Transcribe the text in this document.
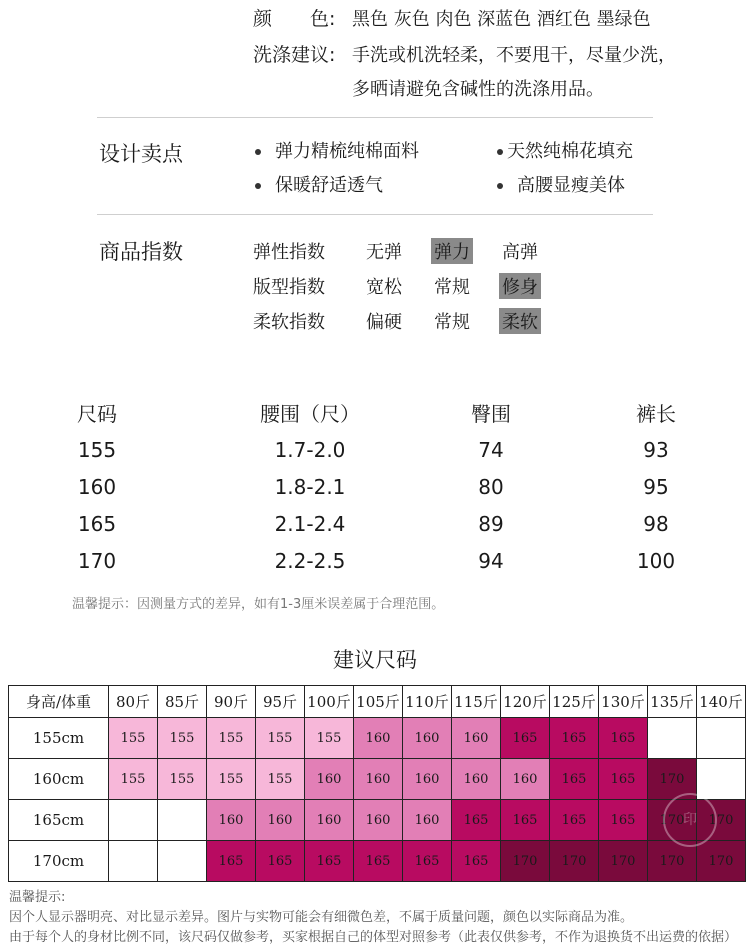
颜　　色: 黑色 灰色 肉色 深蓝色 酒红色 墨绿色
洗涤建议: 手洗或机洗轻柔，不要甩干，尽量少洗，
多晒请避免含碱性的洗涤用品。
设计卖点	弹力精梳纯棉面料	天然纯棉花填充
保暖舒适透气	高腰显瘦美体
商品指数	弹性指数 无弹 弹力 高弹
版型指数 宽松 常规 修身
柔软指数 偏硬 常规 柔软
尺码	腰围（尺）	臀围	裤长
155	1.7-2.0	74	93
160	1.8-2.1	80	95
165	2.1-2.4	89	98
170	2.2-2.5	94	100
温馨提示：因测量方式的差异，如有1-3厘米误差属于合理范围。
建议尺码
身高/体重	80斤	85斤	90斤	95斤	100斤	105斤	110斤	115斤	120斤	125斤	130斤	135斤	140斤
155cm	155	155	155	155	155	160	160	160	165	165	165		
160cm	155	155	155	155	160	160	160	160	160	165	165	170	
165cm			160	160	160	160	160	165	165	165	165	170	170
170cm			165	165	165	165	165	165	170	170	170	170	170
印
温馨提示:
因个人显示器明亮、对比显示差异。图片与实物可能会有细微色差，不属于质量问题，颜色以实际商品为准。
由于每个人的身材比例不同，该尺码仅做参考，买家根据自己的体型对照参考（此表仅供参考，不作为退换货不出运费的依据）
